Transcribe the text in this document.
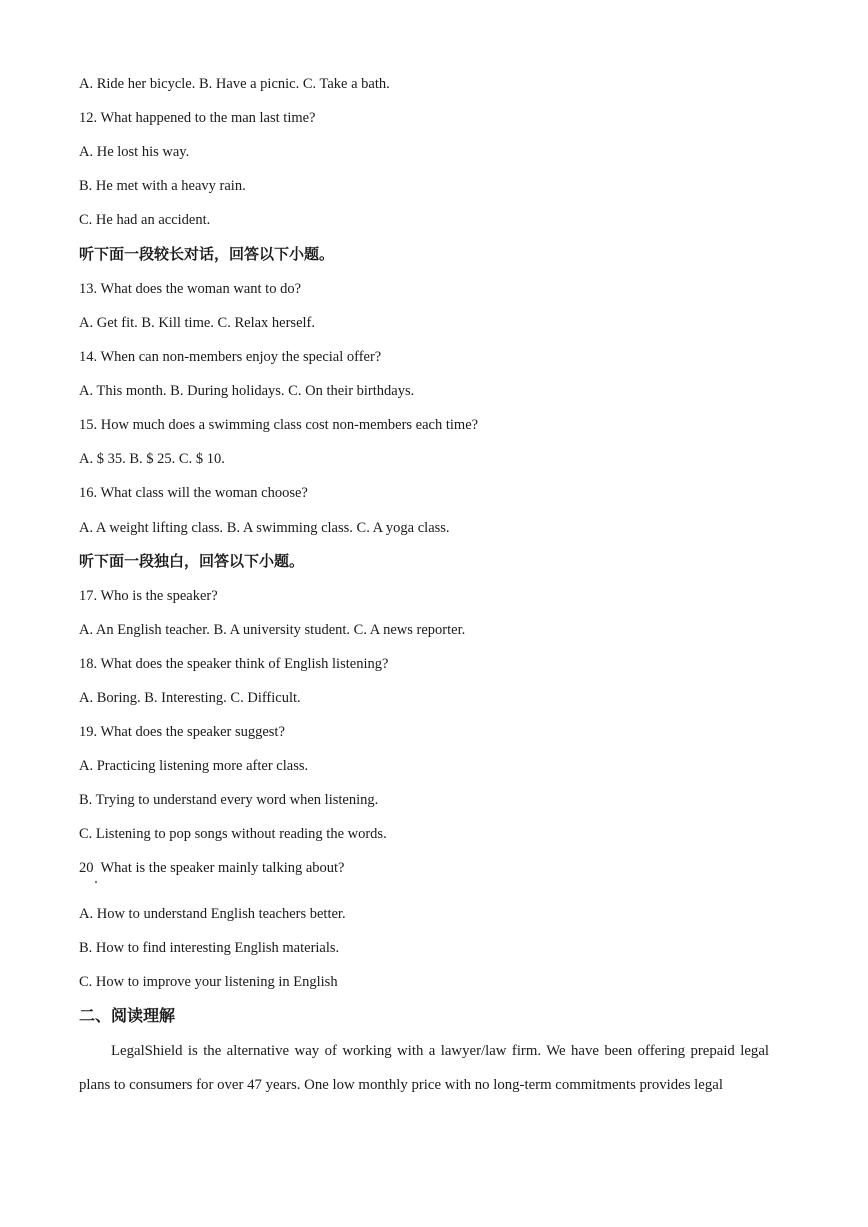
A. Ride her bicycle. B. Have a picnic. C. Take a bath.
12. What happened to the man last time?
A. He lost his way.
B. He met with a heavy rain.
C. He had an accident.
听下面一段较长对话，回答以下小题。
13. What does the woman want to do?
A. Get fit. B. Kill time. C. Relax herself.
14. When can non-members enjoy the special offer?
A. This month. B. During holidays. C. On their birthdays.
15. How much does a swimming class cost non-members each time?
A. $ 35. B. $ 25. C. $ 10.
16. What class will the woman choose?
A. A weight lifting class. B. A swimming class. C. A yoga class.
听下面一段独白，回答以下小题。
17. Who is the speaker?
A. An English teacher. B. A university student. C. A news reporter.
18. What does the speaker think of English listening?
A. Boring. B. Interesting. C. Difficult.
19. What does the speaker suggest?
A. Practicing listening more after class.
B. Trying to understand every word when listening.
C. Listening to pop songs without reading the words.
20  What is the speaker mainly talking about?
A. How to understand English teachers better.
B. How to find interesting English materials.
C. How to improve your listening in English
二、阅读理解
LegalShield is the alternative way of working with a lawyer/law firm. We have been offering prepaid legal plans to consumers for over 47 years. One low monthly price with no long-term commitments provides legal
